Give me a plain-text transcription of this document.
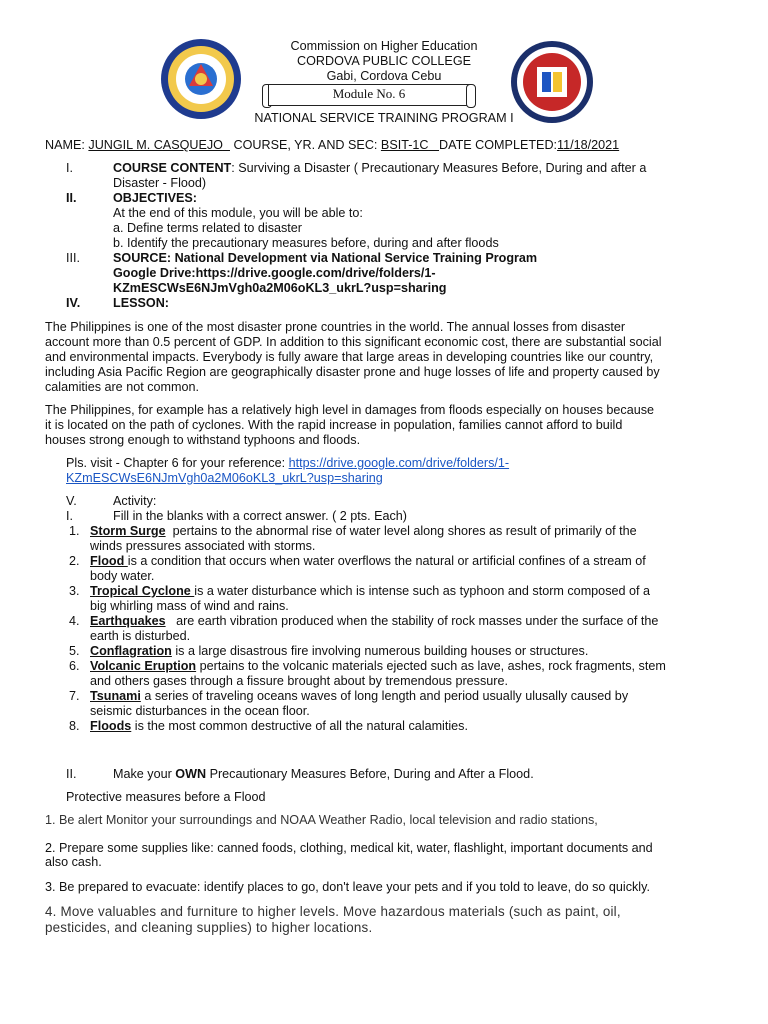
Commission on Higher Education
CORDOVA PUBLIC COLLEGE
Gabi, Cordova Cebu
Module No. 6
NATIONAL SERVICE TRAINING PROGRAM I
NAME: JUNGIL M. CASQUEJO COURSE, YR. AND SEC: BSIT-1C DATE COMPLETED:11/18/2021
I.	COURSE CONTENT: Surviving a Disaster ( Precautionary Measures Before, During and after a
Disaster - Flood)
II.	OBJECTIVES:
At the end of this module, you will be able to:
a. Define terms related to disaster
b. Identify the precautionary measures before, during and after floods
III.	SOURCE: National Development via National Service Training Program
Google Drive:https://drive.google.com/drive/folders/1-
KZmESCWsE6NJmVgh0a2M06oKL3_ukrL?usp=sharing
IV.	LESSON:
The Philippines is one of the most disaster prone countries in the world. The annual losses from disaster
account more than 0.5 percent of GDP. In addition to this significant economic cost, there are substantial social
and environmental impacts. Everybody is fully aware that large areas in developing countries like our country,
including Asia Pacific Region are geographically disaster prone and huge losses of life and property caused by
calamities are not common.
The Philippines, for example has a relatively high level in damages from floods especially on houses because
it is located on the path of cyclones. With the rapid increase in population, families cannot afford to build
houses strong enough to withstand typhoons and floods.
Pls. visit - Chapter 6 for your reference: https://drive.google.com/drive/folders/1-
KZmESCWsE6NJmVgh0a2M06oKL3_ukrL?usp=sharing
V.	Activity:
I.	Fill in the blanks with a correct answer. ( 2 pts. Each)
1. Storm Surge  pertains to the abnormal rise of water level along shores as result of primarily of the
winds pressures associated with storms.
2. Flood is a condition that occurs when water overflows the natural or artificial confines of a stream of
body water.
3. Tropical Cyclone is a water disturbance which is intense such as typhoon and storm composed of a
big whirling mass of wind and rains.
4. Earthquakes   are earth vibration produced when the stability of rock masses under the surface of the
earth is disturbed.
5. Conflagration is a large disastrous fire involving numerous building houses or structures.
6. Volcanic Eruption pertains to the volcanic materials ejected such as lave, ashes, rock fragments, stem
and others gases through a fissure brought about by tremendous pressure.
7. Tsunami a series of traveling oceans waves of long length and period usually ulusally caused by
seismic disturbances in the ocean floor.
8. Floods is the most common destructive of all the natural calamities.
II.	Make your OWN Precautionary Measures Before, During and After a Flood.
Protective measures before a Flood
1. Be alert Monitor your surroundings and NOAA Weather Radio, local television and radio stations,
2. Prepare some supplies like: canned foods, clothing, medical kit, water, flashlight, important documents and
also cash.
3. Be prepared to evacuate: identify places to go, don't leave your pets and if you told to leave, do so quickly.
4. Move valuables and furniture to higher levels. Move hazardous materials (such as paint, oil,
pesticides, and cleaning supplies) to higher locations.
